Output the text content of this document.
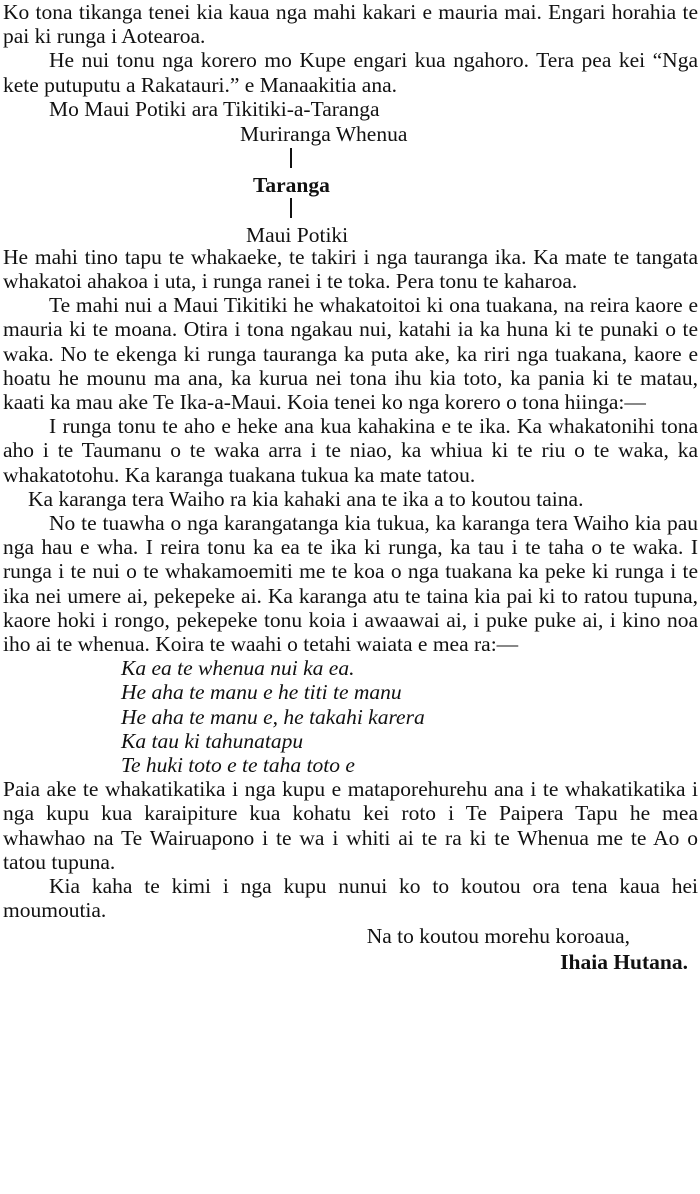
Ko tona tikanga tenei kia kaua nga mahi kakari e mauria mai. Engari horahia te pai ki runga i Aotearoa.

He nui tonu nga korero mo Kupe engari kua ngahoro. Tera pea kei “Nga kete putuputu a Rakatauri.” e Manaakitia ana.

Mo Maui Potiki ara Tikitiki-a-Taranga
Muriranga Whenua
Taranga
Maui Potiki

He mahi tino tapu te whakaeke, te takiri i nga tauranga ika. Ka mate te tangata whakatoi ahakoa i uta, i runga ranei i te toka. Pera tonu te kaharoa.

Te mahi nui a Maui Tikitiki he whakatoitoi ki ona tuakana, na reira kaore e mauria ki te moana. Otira i tona ngakau nui, katahi ia ka huna ki te punaki o te waka. No te ekenga ki runga tauranga ka puta ake, ka riri nga tuakana, kaore e hoatu he mounu ma ana, ka kurua nei tona ihu kia toto, ka pania ki te matau, kaati ka mau ake Te Ika-a-Maui. Koia tenei ko nga korero o tona hiinga:—

I runga tonu te aho e heke ana kua kahakina e te ika. Ka whakatonihi tona aho i te Taumanu o te waka arra i te niao, ka whiua ki te riu o te waka, ka whakatotohu. Ka karanga tuakana tukua ka mate tatou.

Ka karanga tera Waiho ra kia kahaki ana te ika a to koutou taina.

No te tuawha o nga karangatanga kia tukua, ka karanga tera Waiho kia pau nga hau e wha. I reira tonu ka ea te ika ki runga, ka tau i te taha o te waka. I runga i te nui o te whakamoemiti me te koa o nga tuakana ka peke ki runga i te ika nei umere ai, pekepeke ai. Ka karanga atu te taina kia pai ki to ratou tupuna, kaore hoki i rongo, pekepeke tonu koia i awaawai ai, i puke puke ai, i kino noa iho ai te whenua. Koira te waahi o tetahi waiata e mea ra:—

Ka ea te whenua nui ka ea.
He aha te manu e he titi te manu
He aha te manu e, he takahi karera
Ka tau ki tahunatapu
Te huki toto e te taha toto e

Paia ake te whakatikatika i nga kupu e mataporehurehu ana i te whakatikatika i nga kupu kua karaipiture kua kohatu kei roto i Te Paipera Tapu he mea whawhao na Te Wairuapono i te wa i whiti ai te ra ki te Whenua me te Ao o tatou tupuna.

Kia kaha te kimi i nga kupu nunui ko to koutou ora tena kaua hei moumoutia.

Na to koutou morehu koroaua,
Ihaia Hutana.
